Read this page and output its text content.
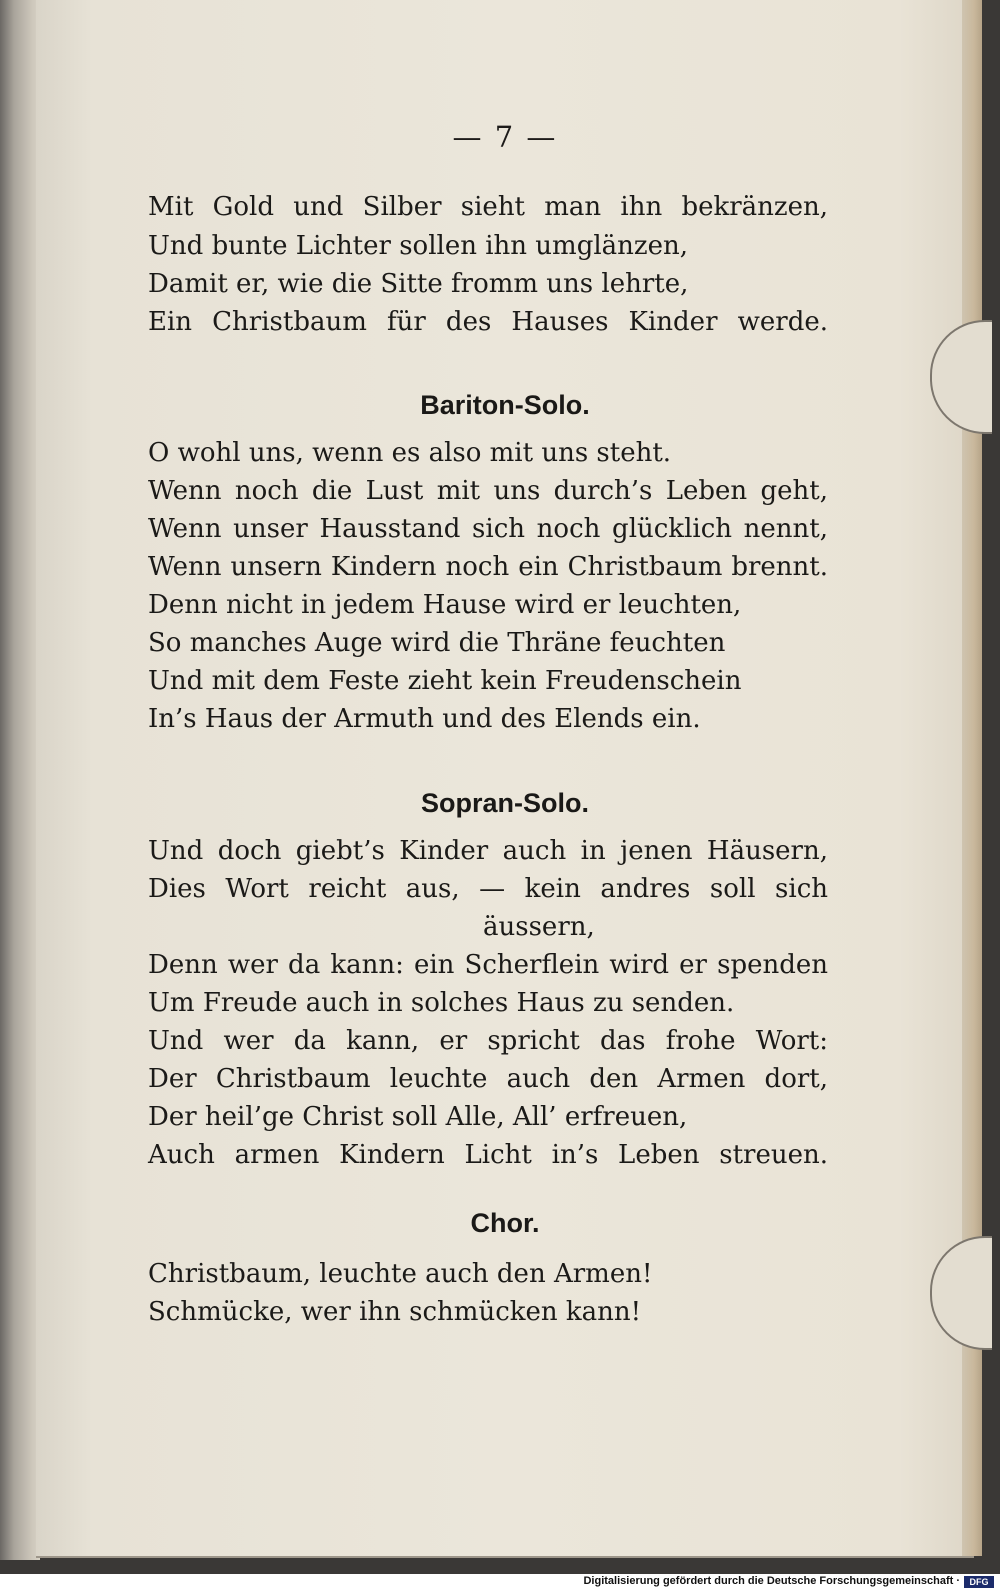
— 7 —
Mit Gold und Silber sieht man ihn bekränzen,
Und bunte Lichter sollen ihn umglänzen,
Damit er, wie die Sitte fromm uns lehrte,
Ein Christbaum für des Hauses Kinder werde.
Bariton-Solo.
O wohl uns, wenn es also mit uns steht.
Wenn noch die Lust mit uns durch’s Leben geht,
Wenn unser Hausstand sich noch glücklich nennt,
Wenn unsern Kindern noch ein Christbaum brennt.
Denn nicht in jedem Hause wird er leuchten,
So manches Auge wird die Thräne feuchten
Und mit dem Feste zieht kein Freudenschein
In’s Haus der Armuth und des Elends ein.
Sopran-Solo.
Und doch giebt’s Kinder auch in jenen Häusern,
Dies Wort reicht aus, — kein andres soll sich
äussern,
Denn wer da kann: ein Scherflein wird er spenden
Um Freude auch in solches Haus zu senden.
Und wer da kann, er spricht das frohe Wort:
Der Christbaum leuchte auch den Armen dort,
Der heil’ge Christ soll Alle, All’ erfreuen,
Auch armen Kindern Licht in’s Leben streuen.
Chor.
Christbaum, leuchte auch den Armen!
Schmücke, wer ihn schmücken kann!
Digitalisierung gefördert durch die Deutsche Forschungsgemeinschaft ·	DFG
